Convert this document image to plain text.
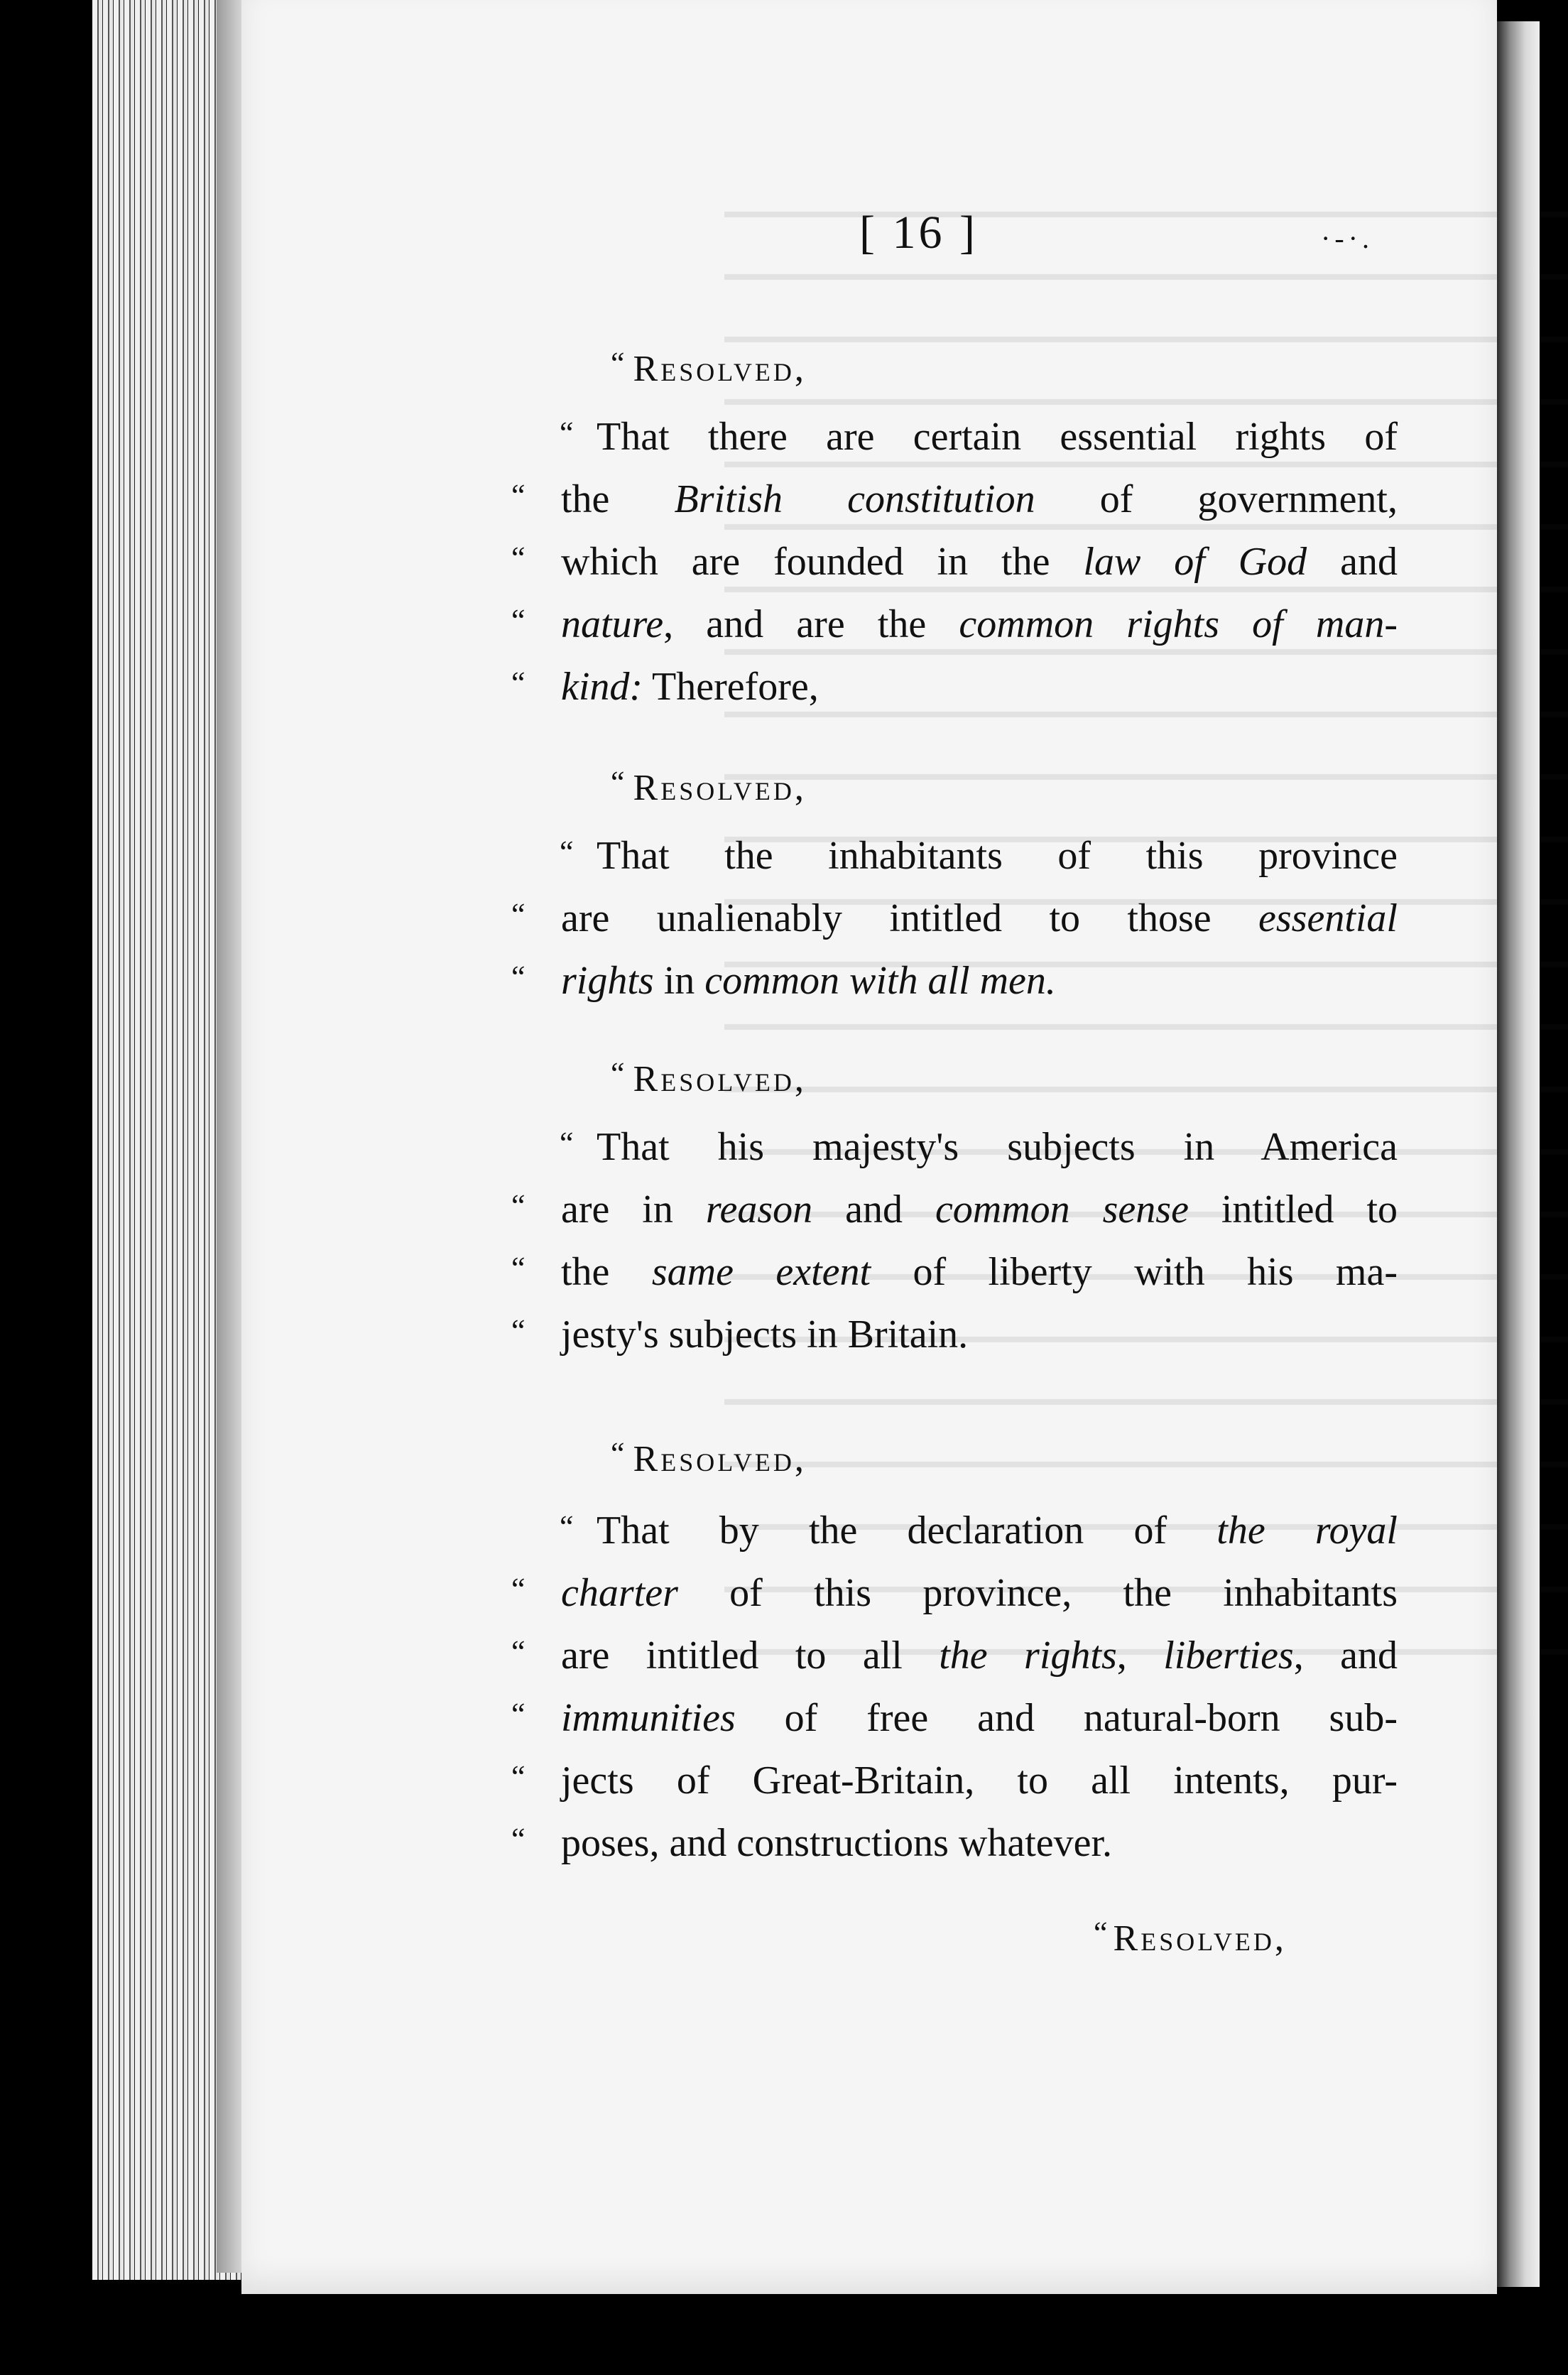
[ 16 ]	·-·.
“ Resolved,
“ That there are certain essential rights of
“ the British constitution of government,
“ which are founded in the law of God and
“ nature, and are the common rights of man-
“ kind: Therefore,
“ Resolved,
“ That the inhabitants of this province
“ are unalienably intitled to those essential
“ rights in common with all men.
“ Resolved,
“ That his majesty's subjects in America
“ are in reason and common sense intitled to
“ the same extent of liberty with his ma-
“ jesty's subjects in Britain.
“ Resolved,
“ That by the declaration of the royal
“ charter of this province, the inhabitants
“ are intitled to all the rights, liberties, and
“ immunities of free and natural-born sub-
“ jects of Great-Britain, to all intents, pur-
“ poses, and constructions whatever.
“ Resolved,
